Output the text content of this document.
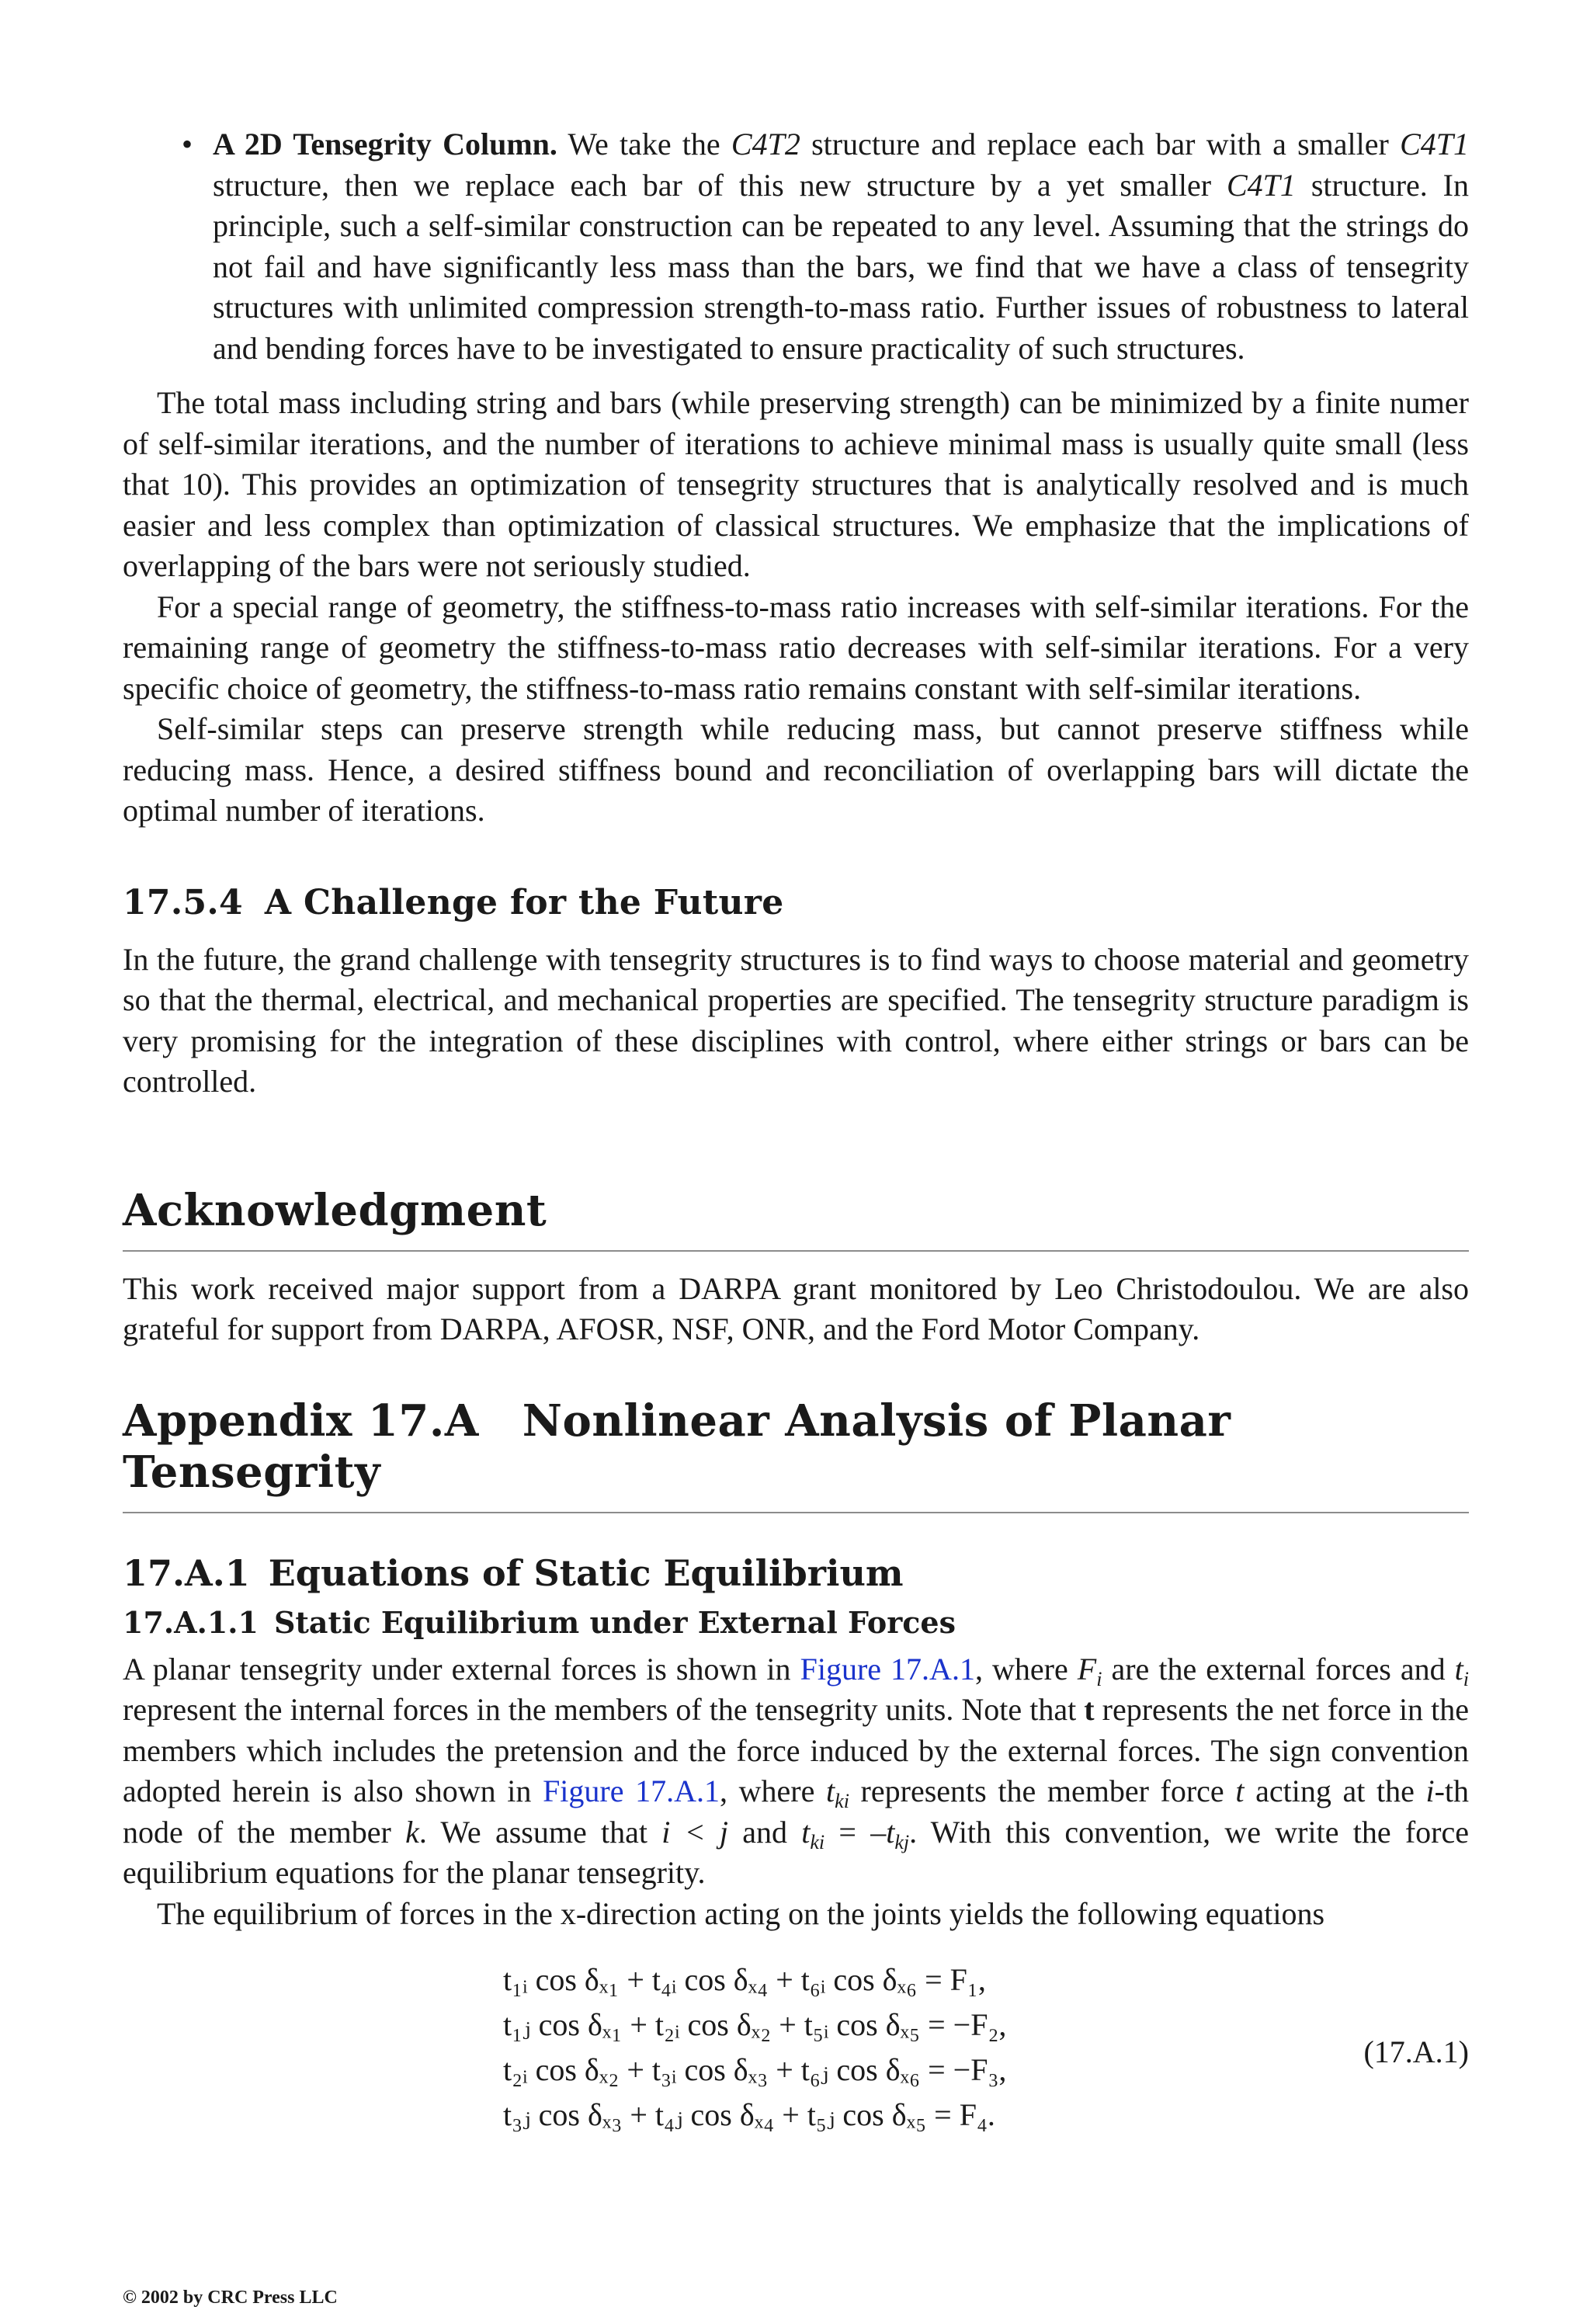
• A 2D Tensegrity Column. We take the C4T2 structure and replace each bar with a smaller C4T1 structure, then we replace each bar of this new structure by a yet smaller C4T1 structure. In principle, such a self-similar construction can be repeated to any level. Assuming that the strings do not fail and have significantly less mass than the bars, we find that we have a class of tensegrity structures with unlimited compression strength-to-mass ratio. Further issues of robustness to lateral and bending forces have to be investigated to ensure practicality of such structures.

The total mass including string and bars (while preserving strength) can be minimized by a finite numer of self-similar iterations, and the number of iterations to achieve minimal mass is usually quite small (less that 10). This provides an optimization of tensegrity structures that is analytically resolved and is much easier and less complex than optimization of classical structures. We emphasize that the implications of overlapping of the bars were not seriously studied.

For a special range of geometry, the stiffness-to-mass ratio increases with self-similar iterations. For the remaining range of geometry the stiffness-to-mass ratio decreases with self-similar iterations. For a very specific choice of geometry, the stiffness-to-mass ratio remains constant with self-similar iterations.

Self-similar steps can preserve strength while reducing mass, but cannot preserve stiffness while reducing mass. Hence, a desired stiffness bound and reconciliation of overlapping bars will dictate the optimal number of iterations.

17.5.4 A Challenge for the Future

In the future, the grand challenge with tensegrity structures is to find ways to choose material and geometry so that the thermal, electrical, and mechanical properties are specified. The tensegrity structure paradigm is very promising for the integration of these disciplines with control, where either strings or bars can be controlled.

Acknowledgment

This work received major support from a DARPA grant monitored by Leo Christodoulou. We are also grateful for support from DARPA, AFOSR, NSF, ONR, and the Ford Motor Company.

Appendix 17.A Nonlinear Analysis of Planar Tensegrity
17.A.1 Equations of Static Equilibrium
17.A.1.1 Static Equilibrium under External Forces

A planar tensegrity under external forces is shown in Figure 17.A.1, where $F_i$ are the external forces and $t_i$ represent the internal forces in the members of the tensegrity units. Note that t represents the net force in the members which includes the pretension and the force induced by the external forces. The sign convention adopted herein is also shown in Figure 17.A.1, where $t_{ki}$ represents the member force t acting at the i-th node of the member k. We assume that i < j and $t_{ki} = -t_{kj}$. With this convention, we write the force equilibrium equations for the planar tensegrity.

The equilibrium of forces in the x-direction acting on the joints yields the following equations

t₁ᵢ cos δₓ₁ + t₄ᵢ cos δₓ₄ + t₆ᵢ cos δₓ₆ = F₁,
t₁ⱼ cos δₓ₁ + t₂ᵢ cos δₓ₂ + t₅ᵢ cos δₓ₅ = −F₂,
t₂ᵢ cos δₓ₂ + t₃ᵢ cos δₓ₃ + t₆ⱼ cos δₓ₆ = −F₃,
t₃ⱼ cos δₓ₃ + t₄ⱼ cos δₓ₄ + t₅ⱼ cos δₓ₅ = F₄.
(17.A.1)
© 2002 by CRC Press LLC
